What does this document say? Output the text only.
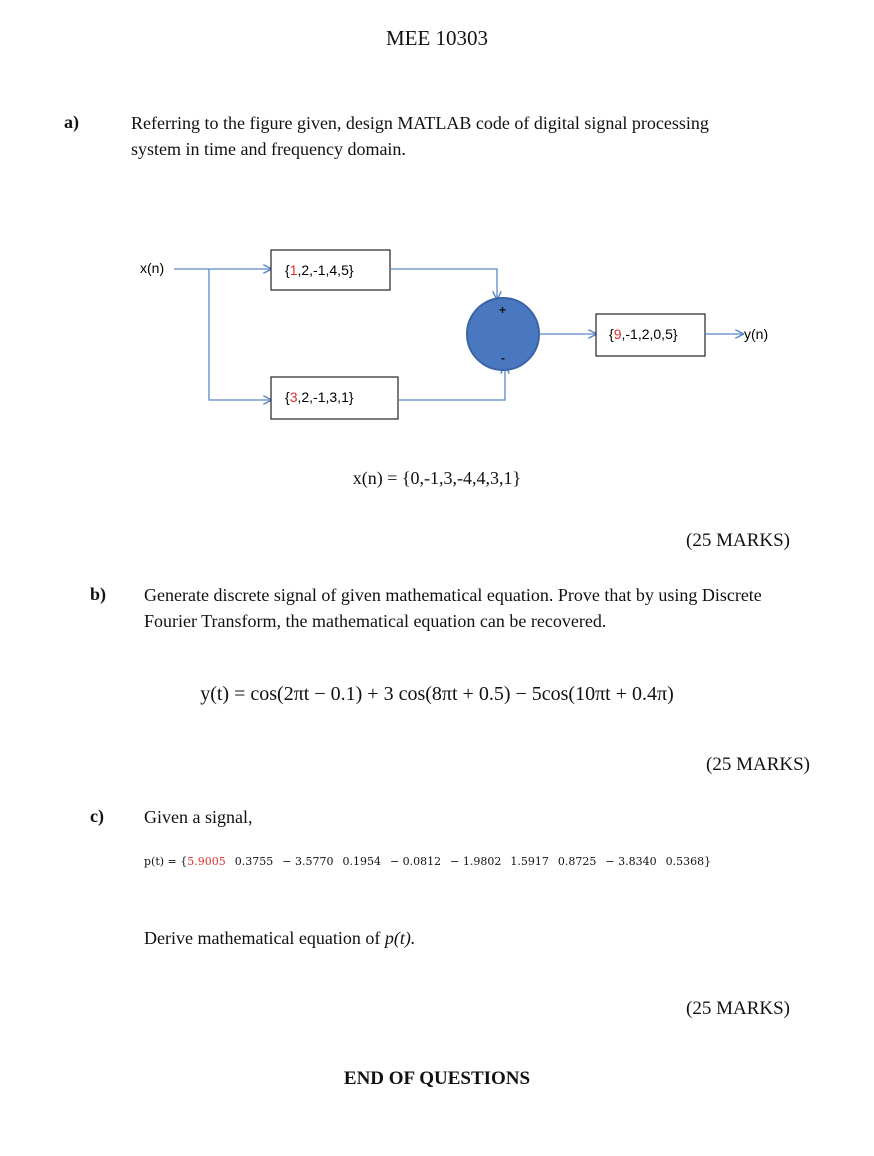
MEE 10303
a)	Referring to the figure given, design MATLAB code of digital signal processing
system in time and frequency domain.
x(n)	{1,2,-1,4,5}
{3,2,-1,3,1}
+
-
{9,-1,2,0,5}	y(n)
x(n) = {0,-1,3,-4,4,3,1}
(25 MARKS)
b) Generate discrete signal of given mathematical equation. Prove that by using Discrete
Fourier Transform, the mathematical equation can be recovered.
y(t) = cos(2πt − 0.1) + 3 cos(8πt + 0.5) − 5cos(10πt + 0.4π)
(25 MARKS)
c) Given a signal,
p(t) = {5.9005 0.3755 − 3.5770 0.1954 − 0.0812 − 1.9802 1.5917 0.8725 − 3.8340 0.5368}
Derive mathematical equation of p(t).
(25 MARKS)
END OF QUESTIONS
